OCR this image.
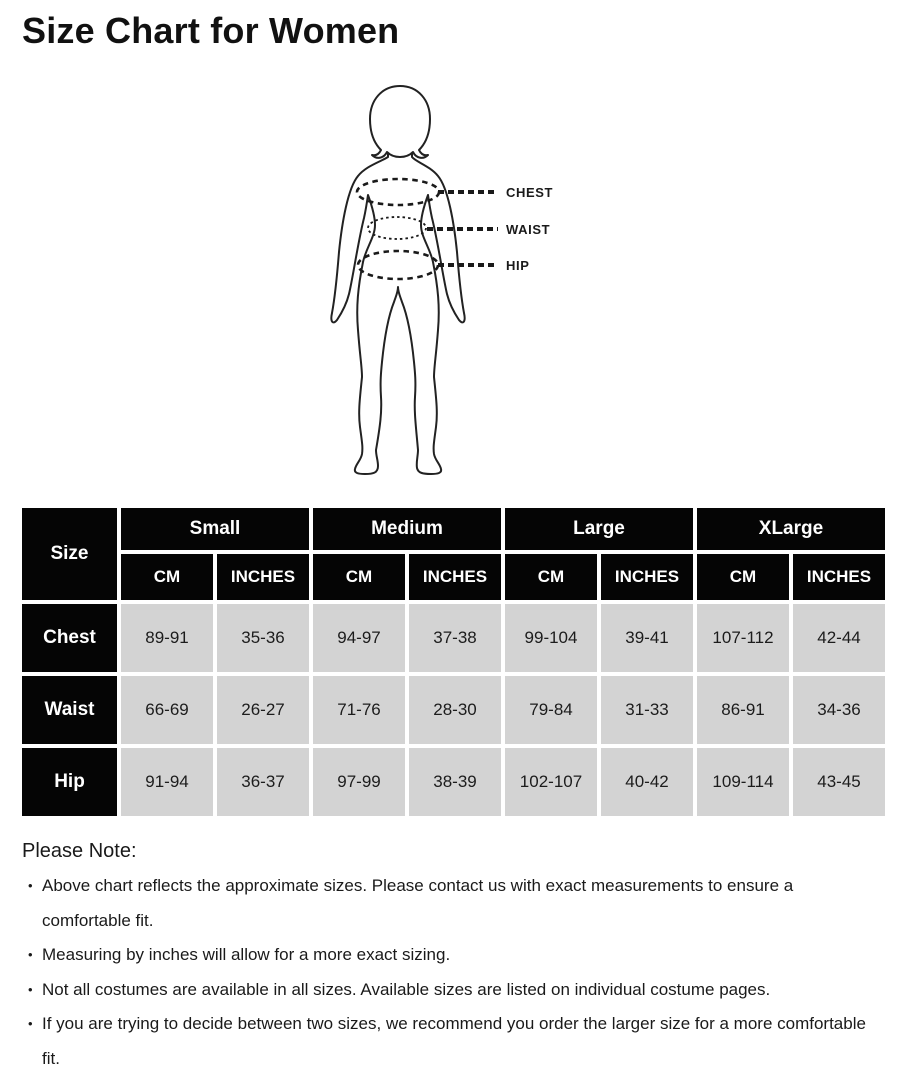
Size Chart for Women
CHEST
WAIST
HIP
Size	Small		Medium		Large		XLarge	
	CM	INCHES	CM	INCHES	CM	INCHES	CM	INCHES
Chest	89-91	35-36	94-97	37-38	99-104	39-41	107-112	42-44
Waist	66-69	26-27	71-76	28-30	79-84	31-33	86-91	34-36
Hip	91-94	36-37	97-99	38-39	102-107	40-42	109-114	43-45
Please Note:
• Above chart reflects the approximate sizes. Please contact us with exact measurements to ensure a comfortable fit.
• Measuring by inches will allow for a more exact sizing.
• Not all costumes are available in all sizes. Available sizes are listed on individual costume pages.
• If you are trying to decide between two sizes, we recommend you order the larger size for a more comfortable fit.
